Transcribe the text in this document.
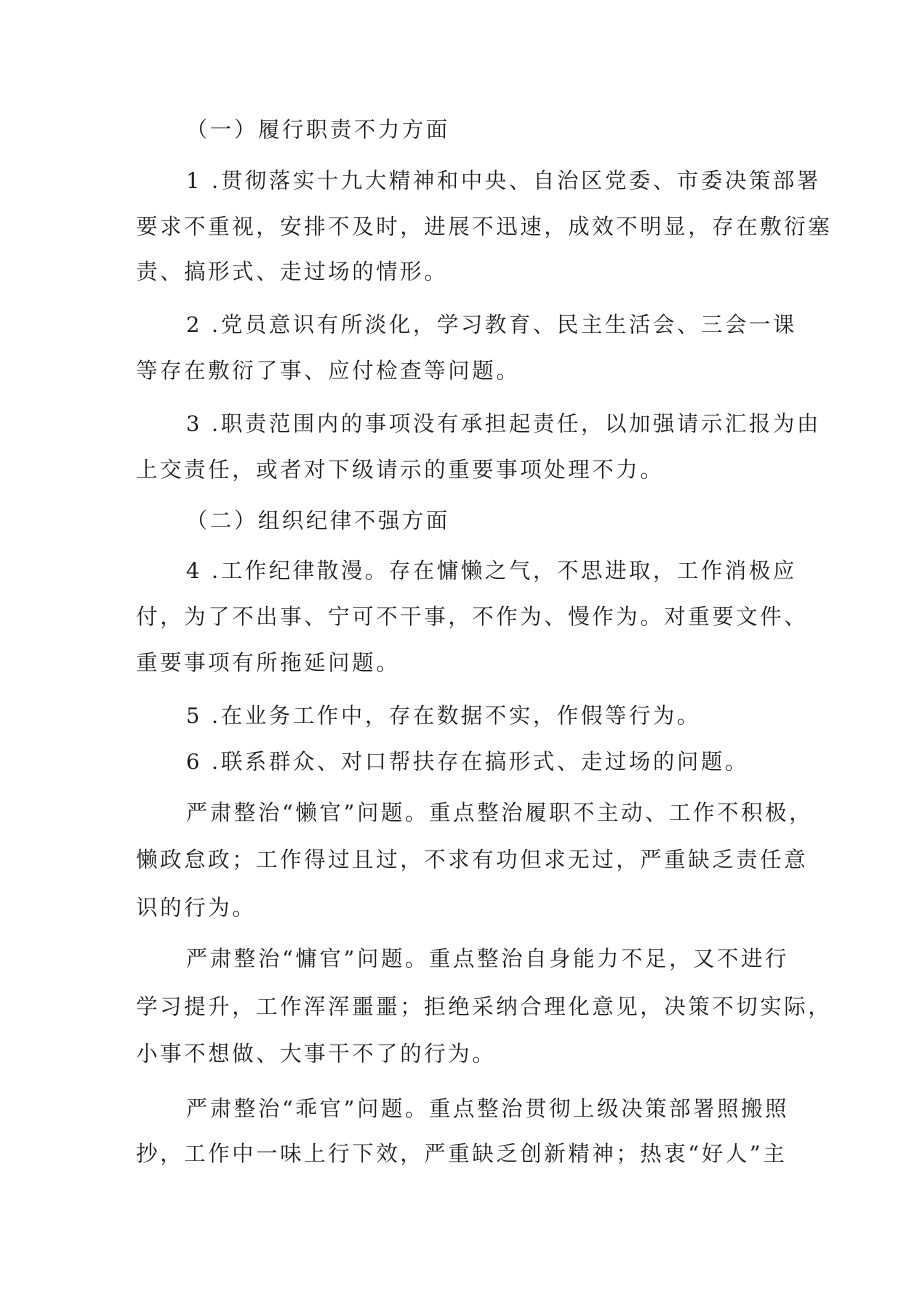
（一）履行职责不力方面
1 .贯彻落实十九大精神和中央、自治区党委、市委决策部署
要求不重视，安排不及时，进展不迅速，成效不明显，存在敷衍塞
责、搞形式、走过场的情形。
2 .党员意识有所淡化，学习教育、民主生活会、三会一课
等存在敷衍了事、应付检查等问题。
3 .职责范围内的事项没有承担起责任，以加强请示汇报为由
上交责任，或者对下级请示的重要事项处理不力。
（二）组织纪律不强方面
4 .工作纪律散漫。存在慵懒之气，不思进取，工作消极应
付，为了不出事、宁可不干事，不作为、慢作为。对重要文件、
重要事项有所拖延问题。
5 .在业务工作中，存在数据不实，作假等行为。
6 .联系群众、对口帮扶存在搞形式、走过场的问题。
严肃整治“懒官”问题。重点整治履职不主动、工作不积极，
懒政怠政；工作得过且过，不求有功但求无过，严重缺乏责任意
识的行为。
严肃整治“慵官”问题。重点整治自身能力不足，又不进行
学习提升，工作浑浑噩噩；拒绝采纳合理化意见，决策不切实际，
小事不想做、大事干不了的行为。
严肃整治“乖官”问题。重点整治贯彻上级决策部署照搬照
抄，工作中一味上行下效，严重缺乏创新精神；热衷“好人”主
